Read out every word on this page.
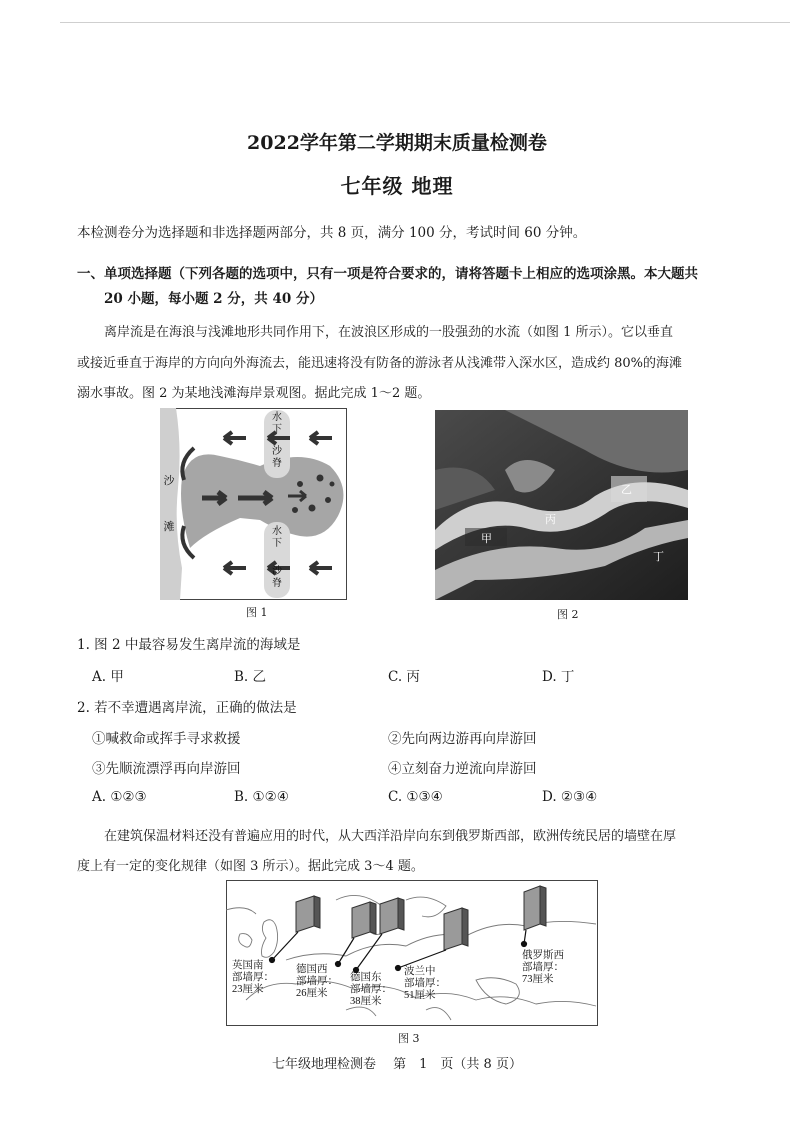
2022学年第二学期期末质量检测卷
七年级 地理
本检测卷分为选择题和非选择题两部分，共 8 页，满分 100 分，考试时间 60 分钟。
一、单项选择题（下列各题的选项中，只有一项是符合要求的，请将答题卡上相应的选项涂黑。本大题共
20 小题，每小题 2 分，共 40 分）
离岸流是在海浪与浅滩地形共同作用下，在波浪区形成的一股强劲的水流（如图 1 所示）。它以垂直
或接近垂直于海岸的方向向外海流去，能迅速将没有防备的游泳者从浅滩带入深水区，造成约 80%的海滩
溺水事故。图 2 为某地浅滩海岸景观图。据此完成 1～2 题。
水
下
沙
脊
水
下
沙
脊
沙
滩
图 1
乙
丙
甲
丁
图 2
1. 图 2 中最容易发生离岸流的海域是
A. 甲	B. 乙	C. 丙	D. 丁
2. 若不幸遭遇离岸流，正确的做法是
①喊救命或挥手寻求救援	②先向两边游再向岸游回
③先顺流漂浮再向岸游回	④立刻奋力逆流向岸游回
A. ①②③	B. ①②④	C. ①③④	D. ②③④
在建筑保温材料还没有普遍应用的时代，从大西洋沿岸向东到俄罗斯西部，欧洲传统民居的墙壁在厚
度上有一定的变化规律（如图 3 所示）。据此完成 3～4 题。
英国南
部墙厚：
23厘米
德国西
部墙厚：
26厘米
德国东
部墙厚：
38厘米
波兰中
部墙厚：
51厘米
俄罗斯西
部墙厚：
73厘米
图 3
七年级地理检测卷　 第　1　页（共 8 页）
